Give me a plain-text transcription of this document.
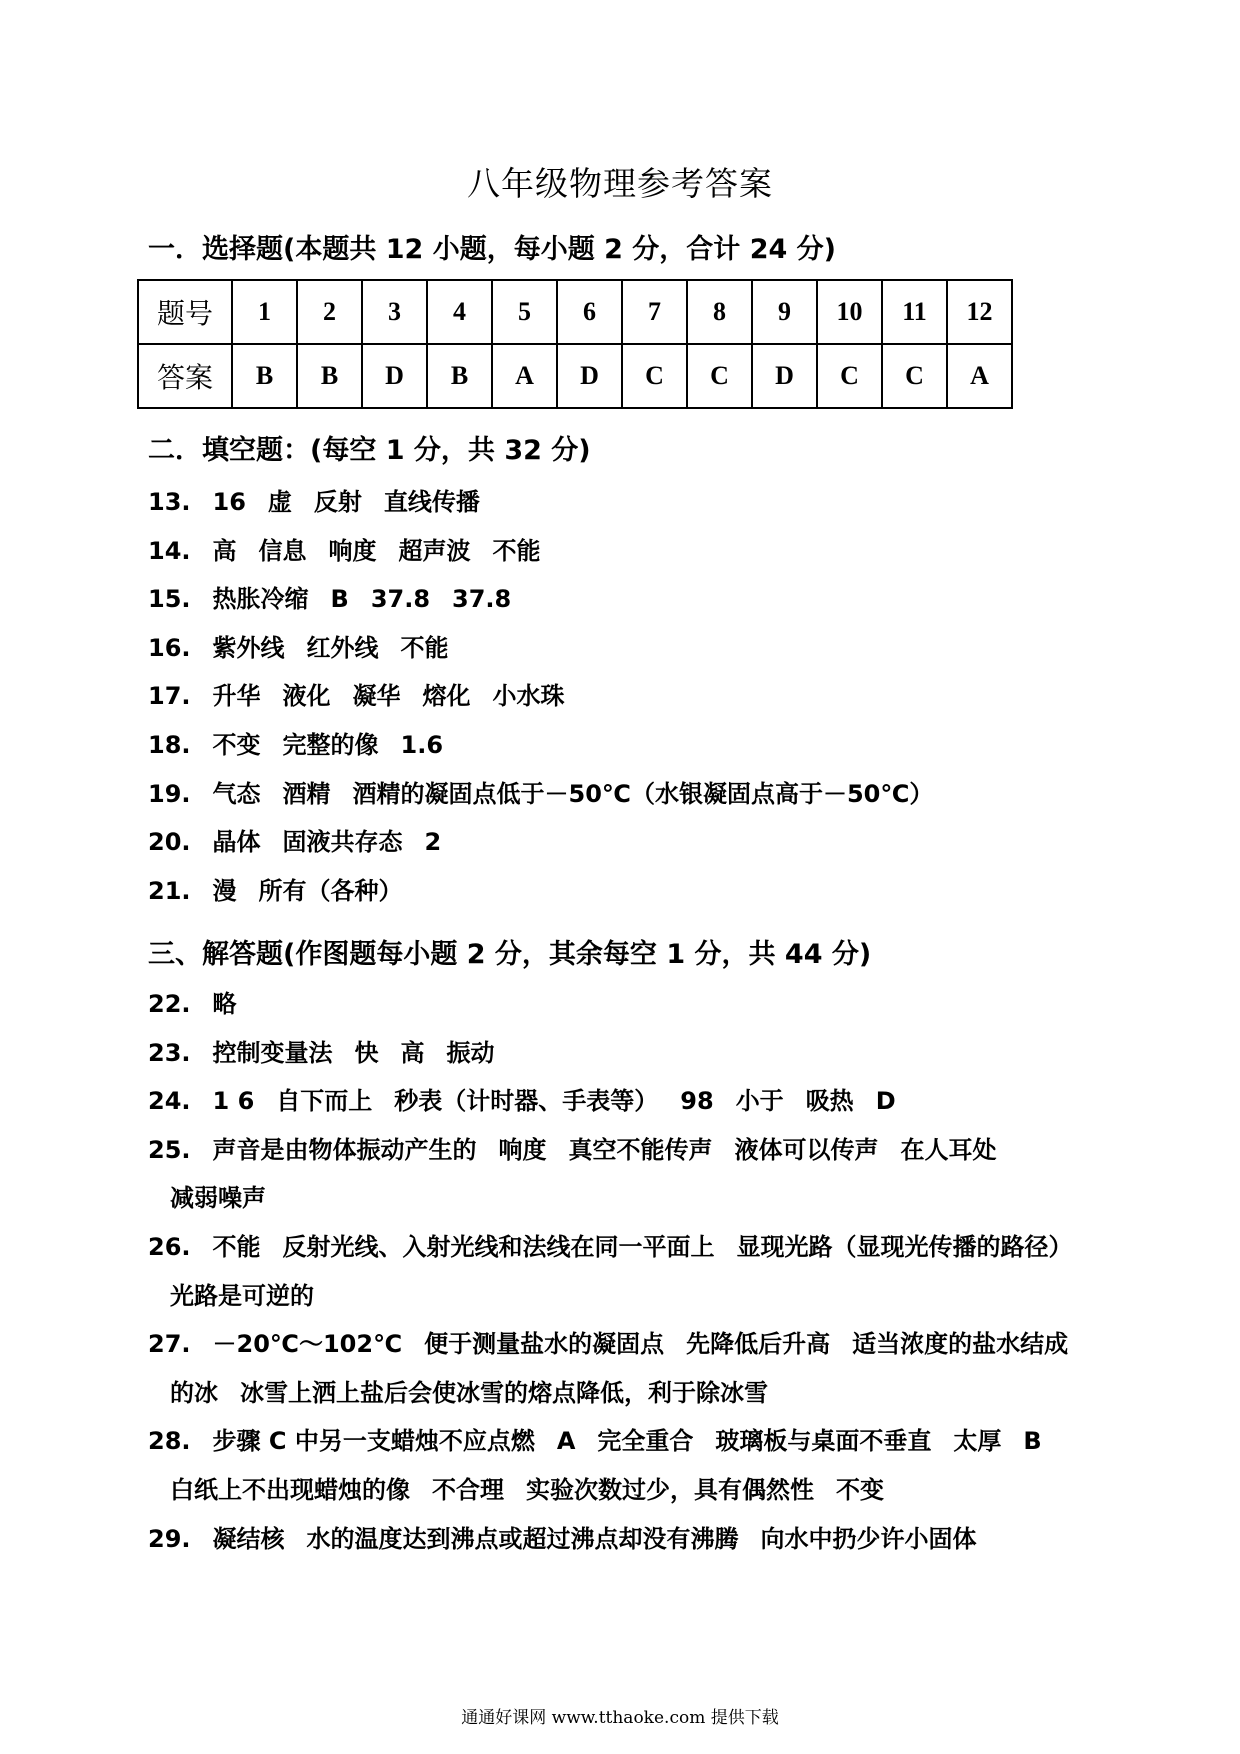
八年级物理参考答案
一．选择题(本题共 12 小题，每小题 2 分，合计 24 分)
题号	1	2	3	4	5	6	7	8	9	10	11	12
答案	B	B	D	B	A	D	C	C	D	C	C	A
二．填空题：(每空 1 分，共 32 分)
13. 16 虚 反射 直线传播
14. 高 信息 响度 超声波 不能
15. 热胀冷缩 B 37.8 37.8
16. 紫外线 红外线 不能
17. 升华 液化 凝华 熔化 小水珠
18. 不变 完整的像 1.6
19. 气态 酒精 酒精的凝固点低于－50℃（水银凝固点高于－50℃）
20. 晶体 固液共存态 2
21. 漫 所有（各种）
三、解答题(作图题每小题 2 分，其余每空 1 分，共 44 分)
22. 略
23. 控制变量法 快 高 振动
24. 1 6 自下而上 秒表（计时器、手表等） 98 小于 吸热 D
25. 声音是由物体振动产生的 响度 真空不能传声 液体可以传声 在人耳处
减弱噪声
26. 不能 反射光线、入射光线和法线在同一平面上 显现光路（显现光传播的路径）
光路是可逆的
27. －20℃～102℃ 便于测量盐水的凝固点 先降低后升高 适当浓度的盐水结成
的冰 冰雪上洒上盐后会使冰雪的熔点降低，利于除冰雪
28. 步骤 C 中另一支蜡烛不应点燃 A 完全重合 玻璃板与桌面不垂直 太厚 B
白纸上不出现蜡烛的像 不合理 实验次数过少，具有偶然性 不变
29. 凝结核 水的温度达到沸点或超过沸点却没有沸腾 向水中扔少许小固体
通通好课网 www.tthaoke.com 提供下载
